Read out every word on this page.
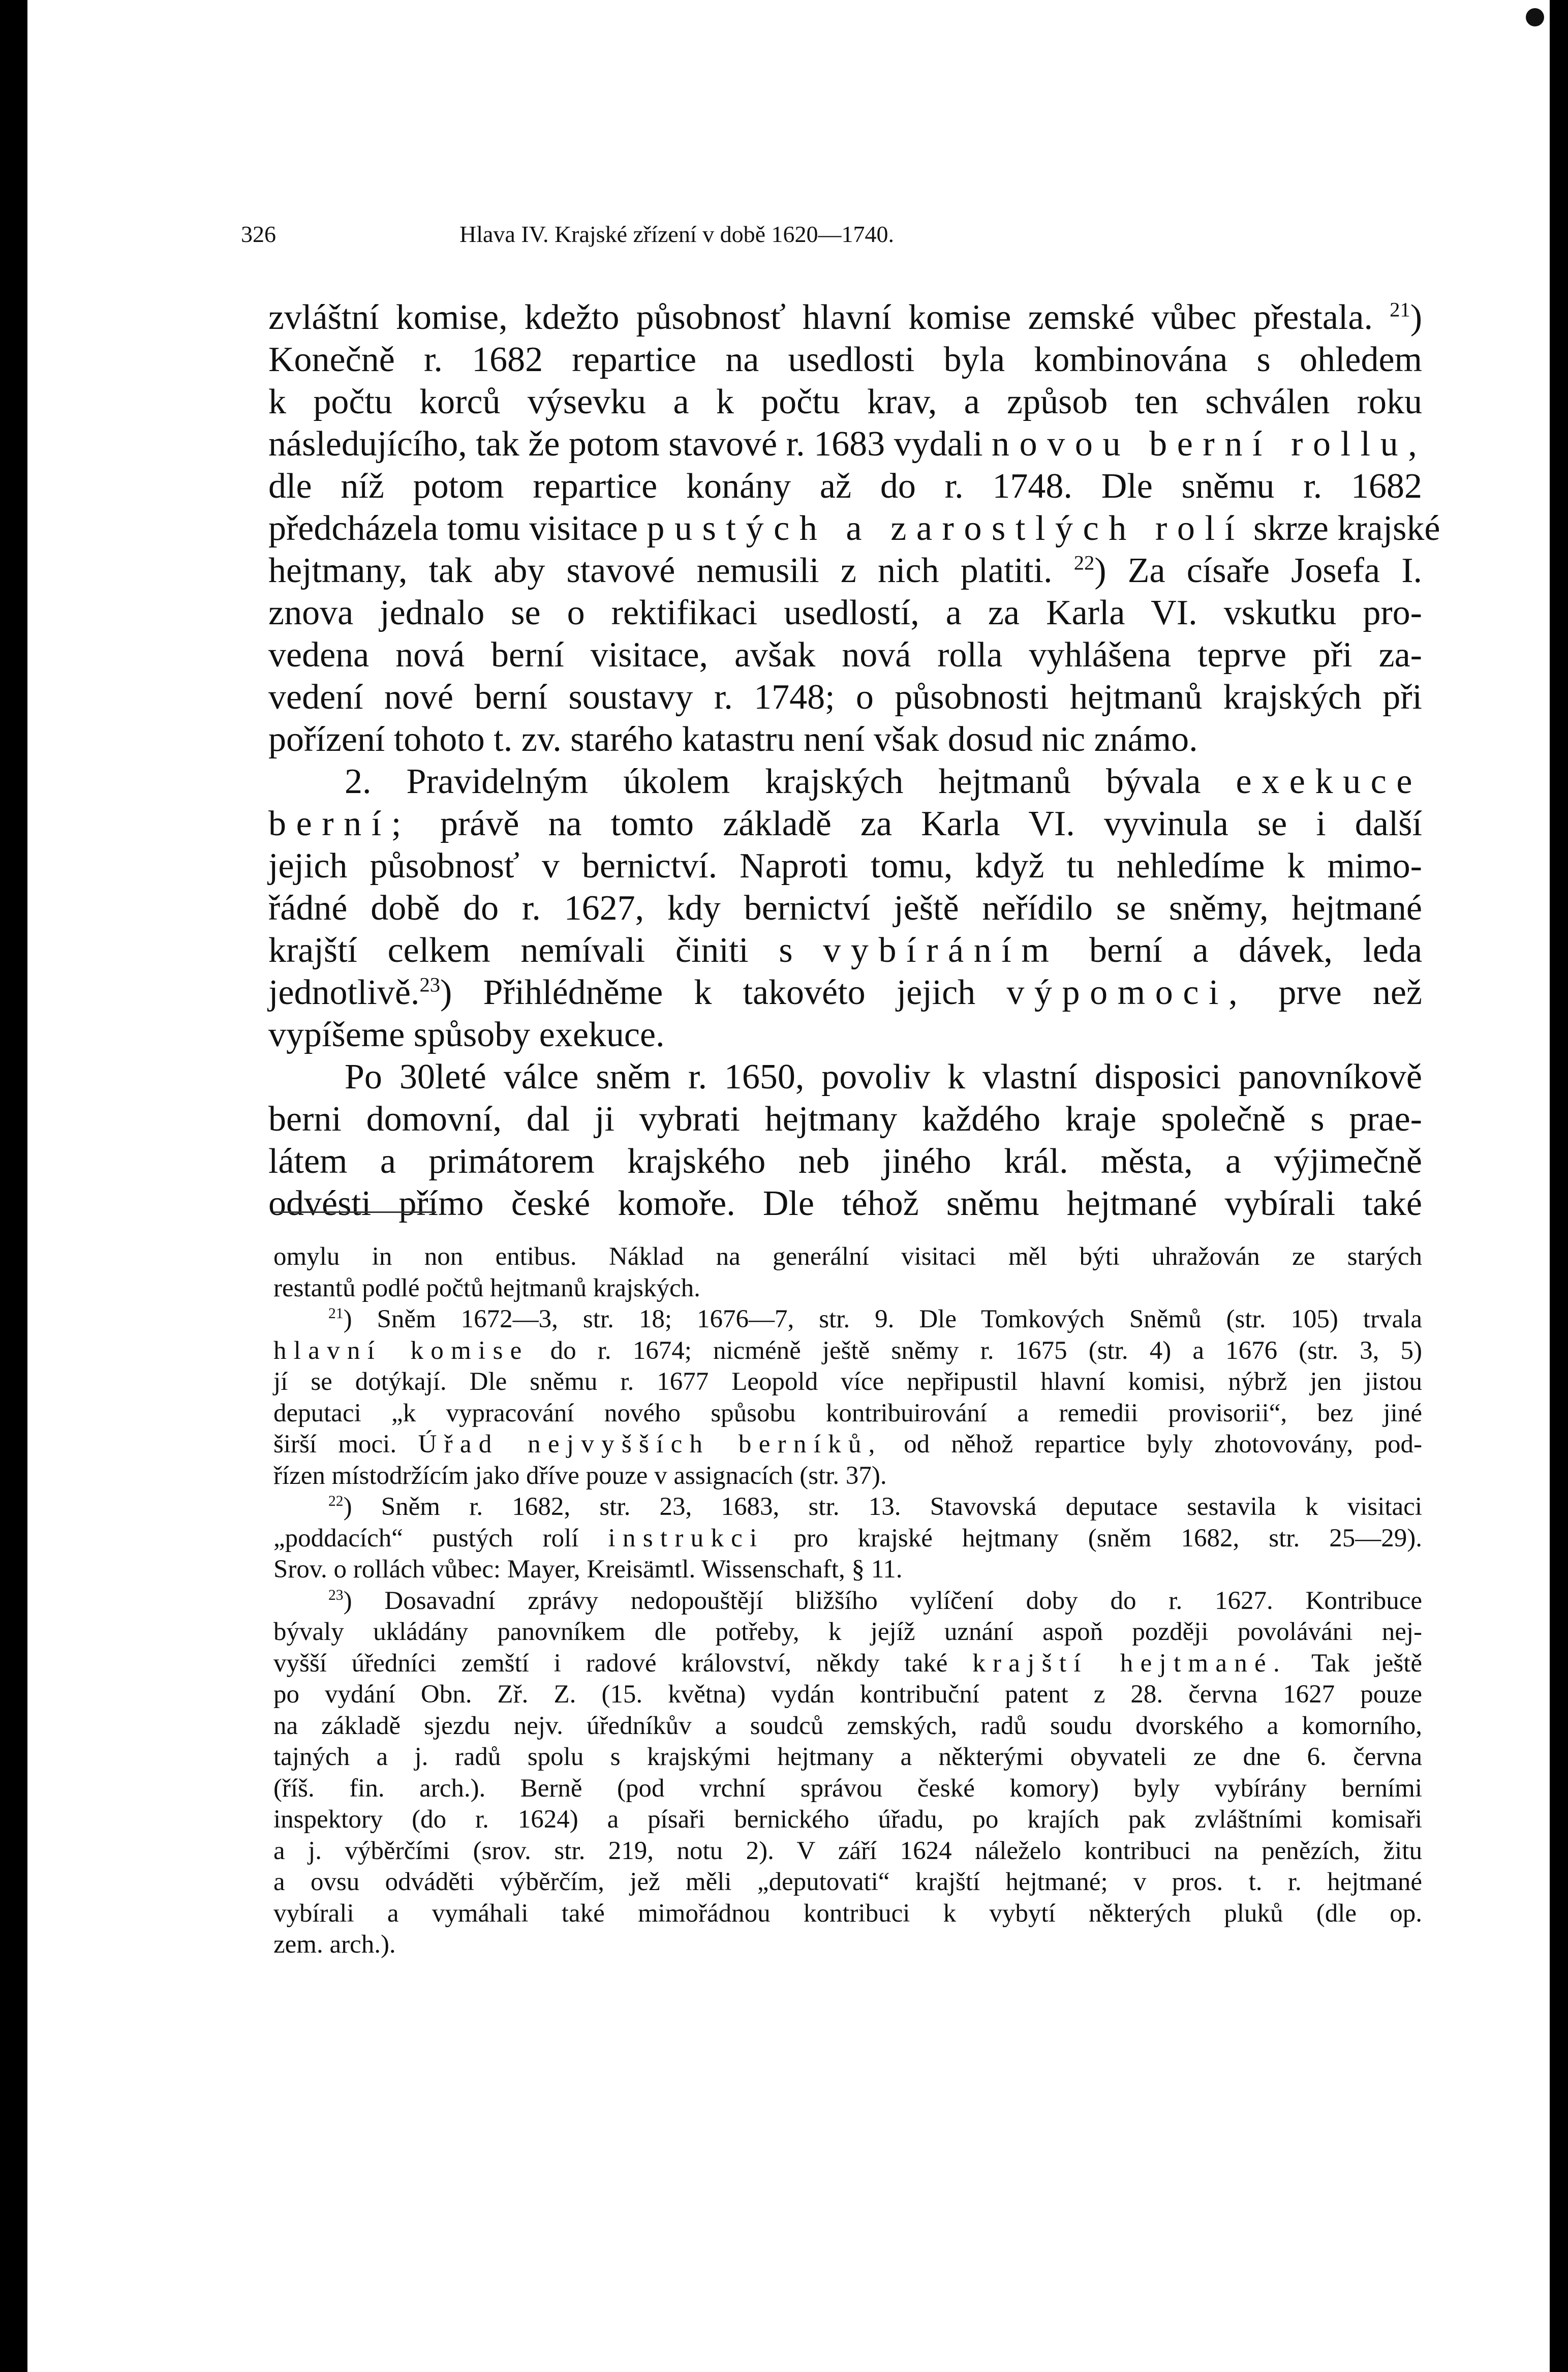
326	Hlava IV. Krajské zřízení v době 1620—1740.
zvláštní komise, kdežto působnosť hlavní komise zemské vůbec přestala. $^{21}$)
Konečně r. 1682 repartice na usedlosti byla kombinována s ohledem
k počtu korců výsevku a k počtu krav, a způsob ten schválen roku
následujícího, tak že potom stavové r. 1683 vydali novou berní rollu,
dle níž potom repartice konány až do r. 1748. Dle sněmu r. 1682
předcházela tomu visitace pustých a zarostlých rolí skrze krajské
hejtmany, tak aby stavové nemusili z nich platiti. $^{22}$) Za císaře Josefa I.
znova jednalo se o rektifikaci usedlostí, a za Karla VI. vskutku pro-
vedena nová berní visitace, avšak nová rolla vyhlášena teprve při za-
vedení nové berní soustavy r. 1748; o působnosti hejtmanů krajských při
pořízení tohoto t. zv. starého katastru není však dosud nic známo.
2. Pravidelným úkolem krajských hejtmanů bývala exekuce
berní; právě na tomto základě za Karla VI. vyvinula se i další
jejich působnosť v bernictví. Naproti tomu, když tu nehledíme k mimo-
řádné době do r. 1627, kdy bernictví ještě neřídilo se sněmy, hejtmané
krajští celkem nemívali činiti s vybíráním berní a dávek, leda
jednotlivě.$^{23}$) Přihlédněme k takovéto jejich výpomoci, prve než
vypíšeme spůsoby exekuce.
Po 30leté válce sněm r. 1650, povoliv k vlastní disposici panovníkově
berni domovní, dal ji vybrati hejtmany každého kraje společně s prae-
látem a primátorem krajského neb jiného král. města, a výjimečně
odvésti přímo české komoře. Dle téhož sněmu hejtmané vybírali také
omylu in non entibus. Náklad na generální visitaci měl býti uhražován ze starých
restantů podlé počtů hejtmanů krajských.
$^{21}$) Sněm 1672—3, str. 18; 1676—7, str. 9. Dle Tomkových Sněmů (str. 105) trvala
hlavní komise do r. 1674; nicméně ještě sněmy r. 1675 (str. 4) a 1676 (str. 3, 5)
jí se dotýkají. Dle sněmu r. 1677 Leopold více nepřipustil hlavní komisi, nýbrž jen jistou
deputaci „k vypracování nového spůsobu kontribuirování a remedii provisorii“, bez jiné
širší moci. Úřad nejvyšších berníků, od něhož repartice byly zhotovovány, pod-
řízen místodržícím jako dříve pouze v assignacích (str. 37).
$^{22}$) Sněm r. 1682, str. 23, 1683, str. 13. Stavovská deputace sestavila k visitaci
„poddacích“ pustých rolí instrukci pro krajské hejtmany (sněm 1682, str. 25—29).
Srov. o rollách vůbec: Mayer, Kreisämtl. Wissenschaft, § 11.
$^{23}$) Dosavadní zprávy nedopouštějí bližšího vylíčení doby do r. 1627. Kontribuce
bývaly ukládány panovníkem dle potřeby, k jejíž uznání aspoň později povoláváni nej-
vyšší úředníci zemští i radové království, někdy také krajští hejtmané. Tak ještě
po vydání Obn. Zř. Z. (15. května) vydán kontribuční patent z 28. června 1627 pouze
na základě sjezdu nejv. úředníkův a soudců zemských, radů soudu dvorského a komorního,
tajných a j. radů spolu s krajskými hejtmany a některými obyvateli ze dne 6. června
(říš. fin. arch.). Berně (pod vrchní správou české komory) byly vybírány berními
inspektory (do r. 1624) a písaři bernického úřadu, po krajích pak zvláštními komisaři
a j. výběrčími (srov. str. 219, notu 2). V září 1624 náleželo kontribuci na penězích, žitu
a ovsu odváděti výběrčím, jež měli „deputovati“ krajští hejtmané; v pros. t. r. hejtmané
vybírali a vymáhali také mimořádnou kontribuci k vybytí některých pluků (dle op.
zem. arch.).
